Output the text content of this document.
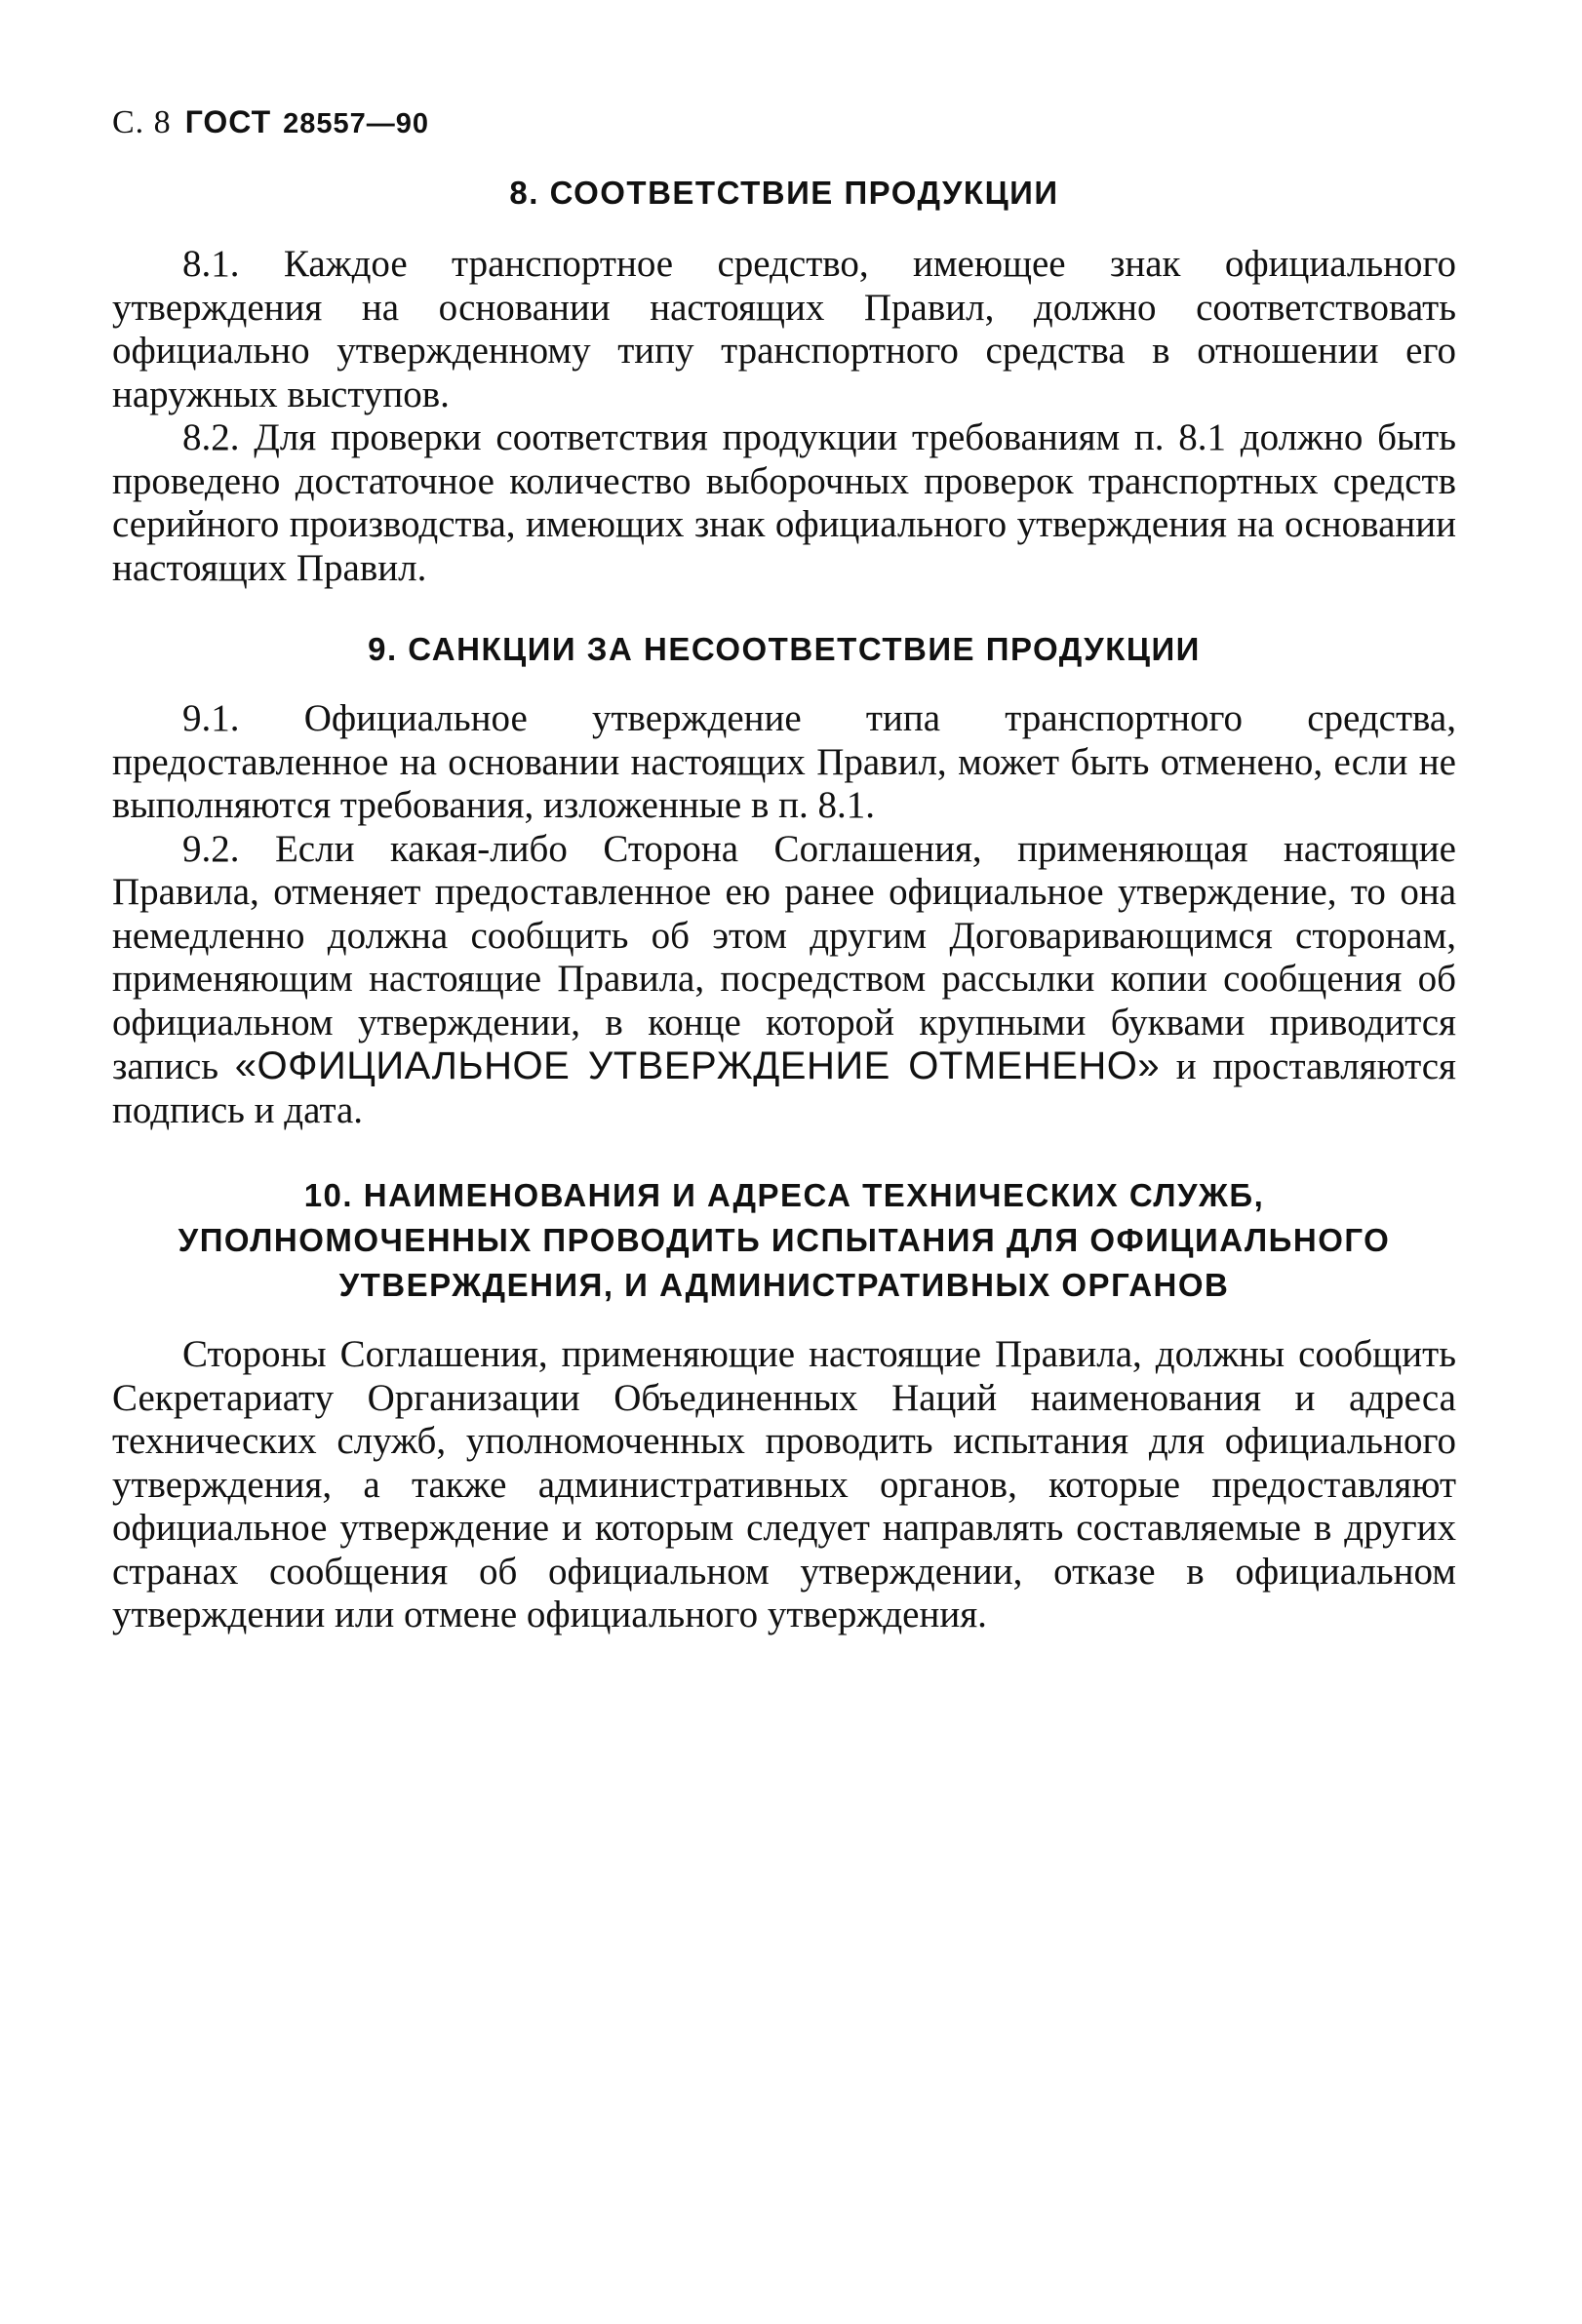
С. 8 ГОСТ 28557—90
8. СООТВЕТСТВИЕ ПРОДУКЦИИ

8.1. Каждое транспортное средство, имеющее знак официального утверждения на основании настоящих Правил, должно соответствовать официально утвержденному типу транспортного средства в отношении его наружных выступов.

8.2. Для проверки соответствия продукции требованиям п. 8.1 должно быть проведено достаточное количество выборочных проверок транспортных средств серийного производства, имеющих знак официального утверждения на основании настоящих Правил.

9. САНКЦИИ ЗА НЕСООТВЕТСТВИЕ ПРОДУКЦИИ

9.1. Официальное утверждение типа транспортного средства, предоставленное на основании настоящих Правил, может быть отменено, если не выполняются требования, изложенные в п. 8.1.

9.2. Если какая-либо Сторона Соглашения, применяющая настоящие Правила, отменяет предоставленное ею ранее официальное утверждение, то она немедленно должна сообщить об этом другим Договаривающимся сторонам, применяющим настоящие Правила, посредством рассылки копии сообщения об официальном утверждении, в конце которой крупными буквами приводится запись «ОФИЦИАЛЬНОЕ УТВЕРЖДЕНИЕ ОТМЕНЕНО» и проставляются подпись и дата.

10. НАИМЕНОВАНИЯ И АДРЕСА ТЕХНИЧЕСКИХ СЛУЖБ,
УПОЛНОМОЧЕННЫХ ПРОВОДИТЬ ИСПЫТАНИЯ ДЛЯ ОФИЦИАЛЬНОГО
УТВЕРЖДЕНИЯ, И АДМИНИСТРАТИВНЫХ ОРГАНОВ

Стороны Соглашения, применяющие настоящие Правила, должны сообщить Секретариату Организации Объединенных Наций наименования и адреса технических служб, уполномоченных проводить испытания для официального утверждения, а также административных органов, которые предоставляют официальное утверждение и которым следует направлять составляемые в других странах сообщения об официальном утверждении, отказе в официальном утверждении или отмене официального утверждения.
